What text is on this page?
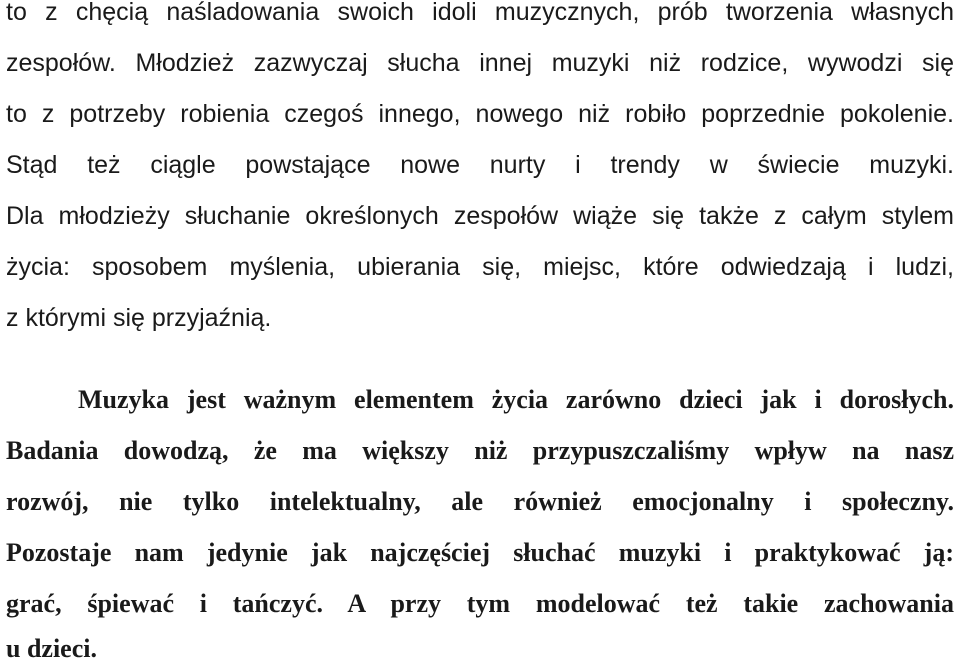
to z chęcią naśladowania swoich idoli muzycznych, prób tworzenia własnych
zespołów. Młodzież zazwyczaj słucha innej muzyki niż rodzice, wywodzi się
to z potrzeby robienia czegoś innego, nowego niż robiło poprzednie pokolenie.
Stąd też ciągle powstające nowe nurty i trendy w świecie muzyki.
Dla młodzieży słuchanie określonych zespołów wiąże się także z całym stylem
życia: sposobem myślenia, ubierania się, miejsc, które odwiedzają i ludzi,
z którymi się przyjaźnią.
Muzyka jest ważnym elementem życia zarówno dzieci jak i dorosłych.
Badania dowodzą, że ma większy niż przypuszczaliśmy wpływ na nasz
rozwój, nie tylko intelektualny, ale również emocjonalny i społeczny.
Pozostaje nam jedynie jak najczęściej słuchać muzyki i praktykować ją:
grać, śpiewać i tańczyć. A przy tym modelować też takie zachowania
u dzieci.
